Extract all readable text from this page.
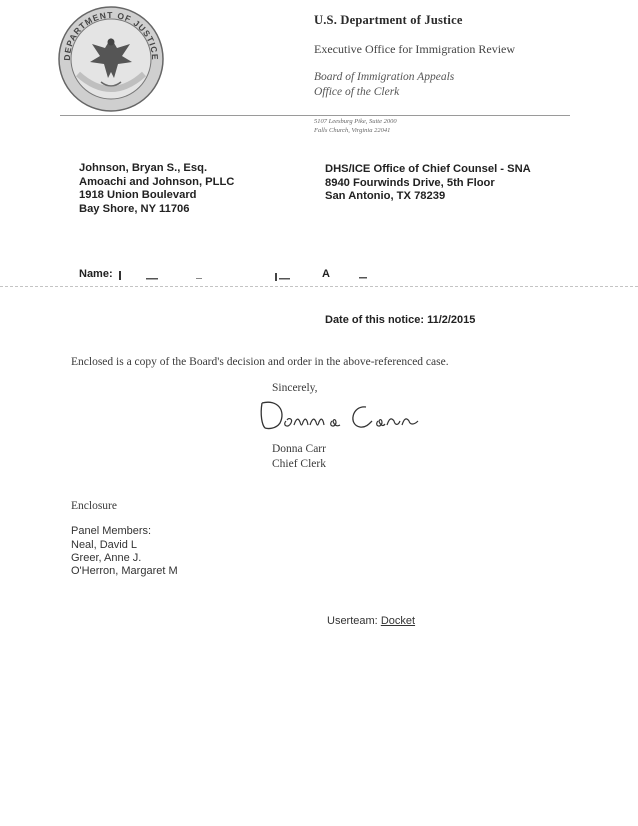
DEPARTMENT OF JUSTICE
U.S. Department of Justice
Executive Office for Immigration Review
Board of Immigration Appeals
Office of the Clerk
5107 Leesburg Pike, Suite 2000
Falls Church, Virginia 22041
Johnson, Bryan S., Esq.
Amoachi and Johnson, PLLC
1918 Union Boulevard
Bay Shore, NY 11706
DHS/ICE Office of Chief Counsel - SNA
8940 Fourwinds Drive, 5th Floor
San Antonio, TX 78239
Name:	A
Date of this notice: 11/2/2015
Enclosed is a copy of the Board's decision and order in the above-referenced case.
Sincerely,
Donna Carr
Chief Clerk
Enclosure
Panel Members:
Neal, David L
Greer, Anne J.
O'Herron, Margaret M
Userteam: Docket
